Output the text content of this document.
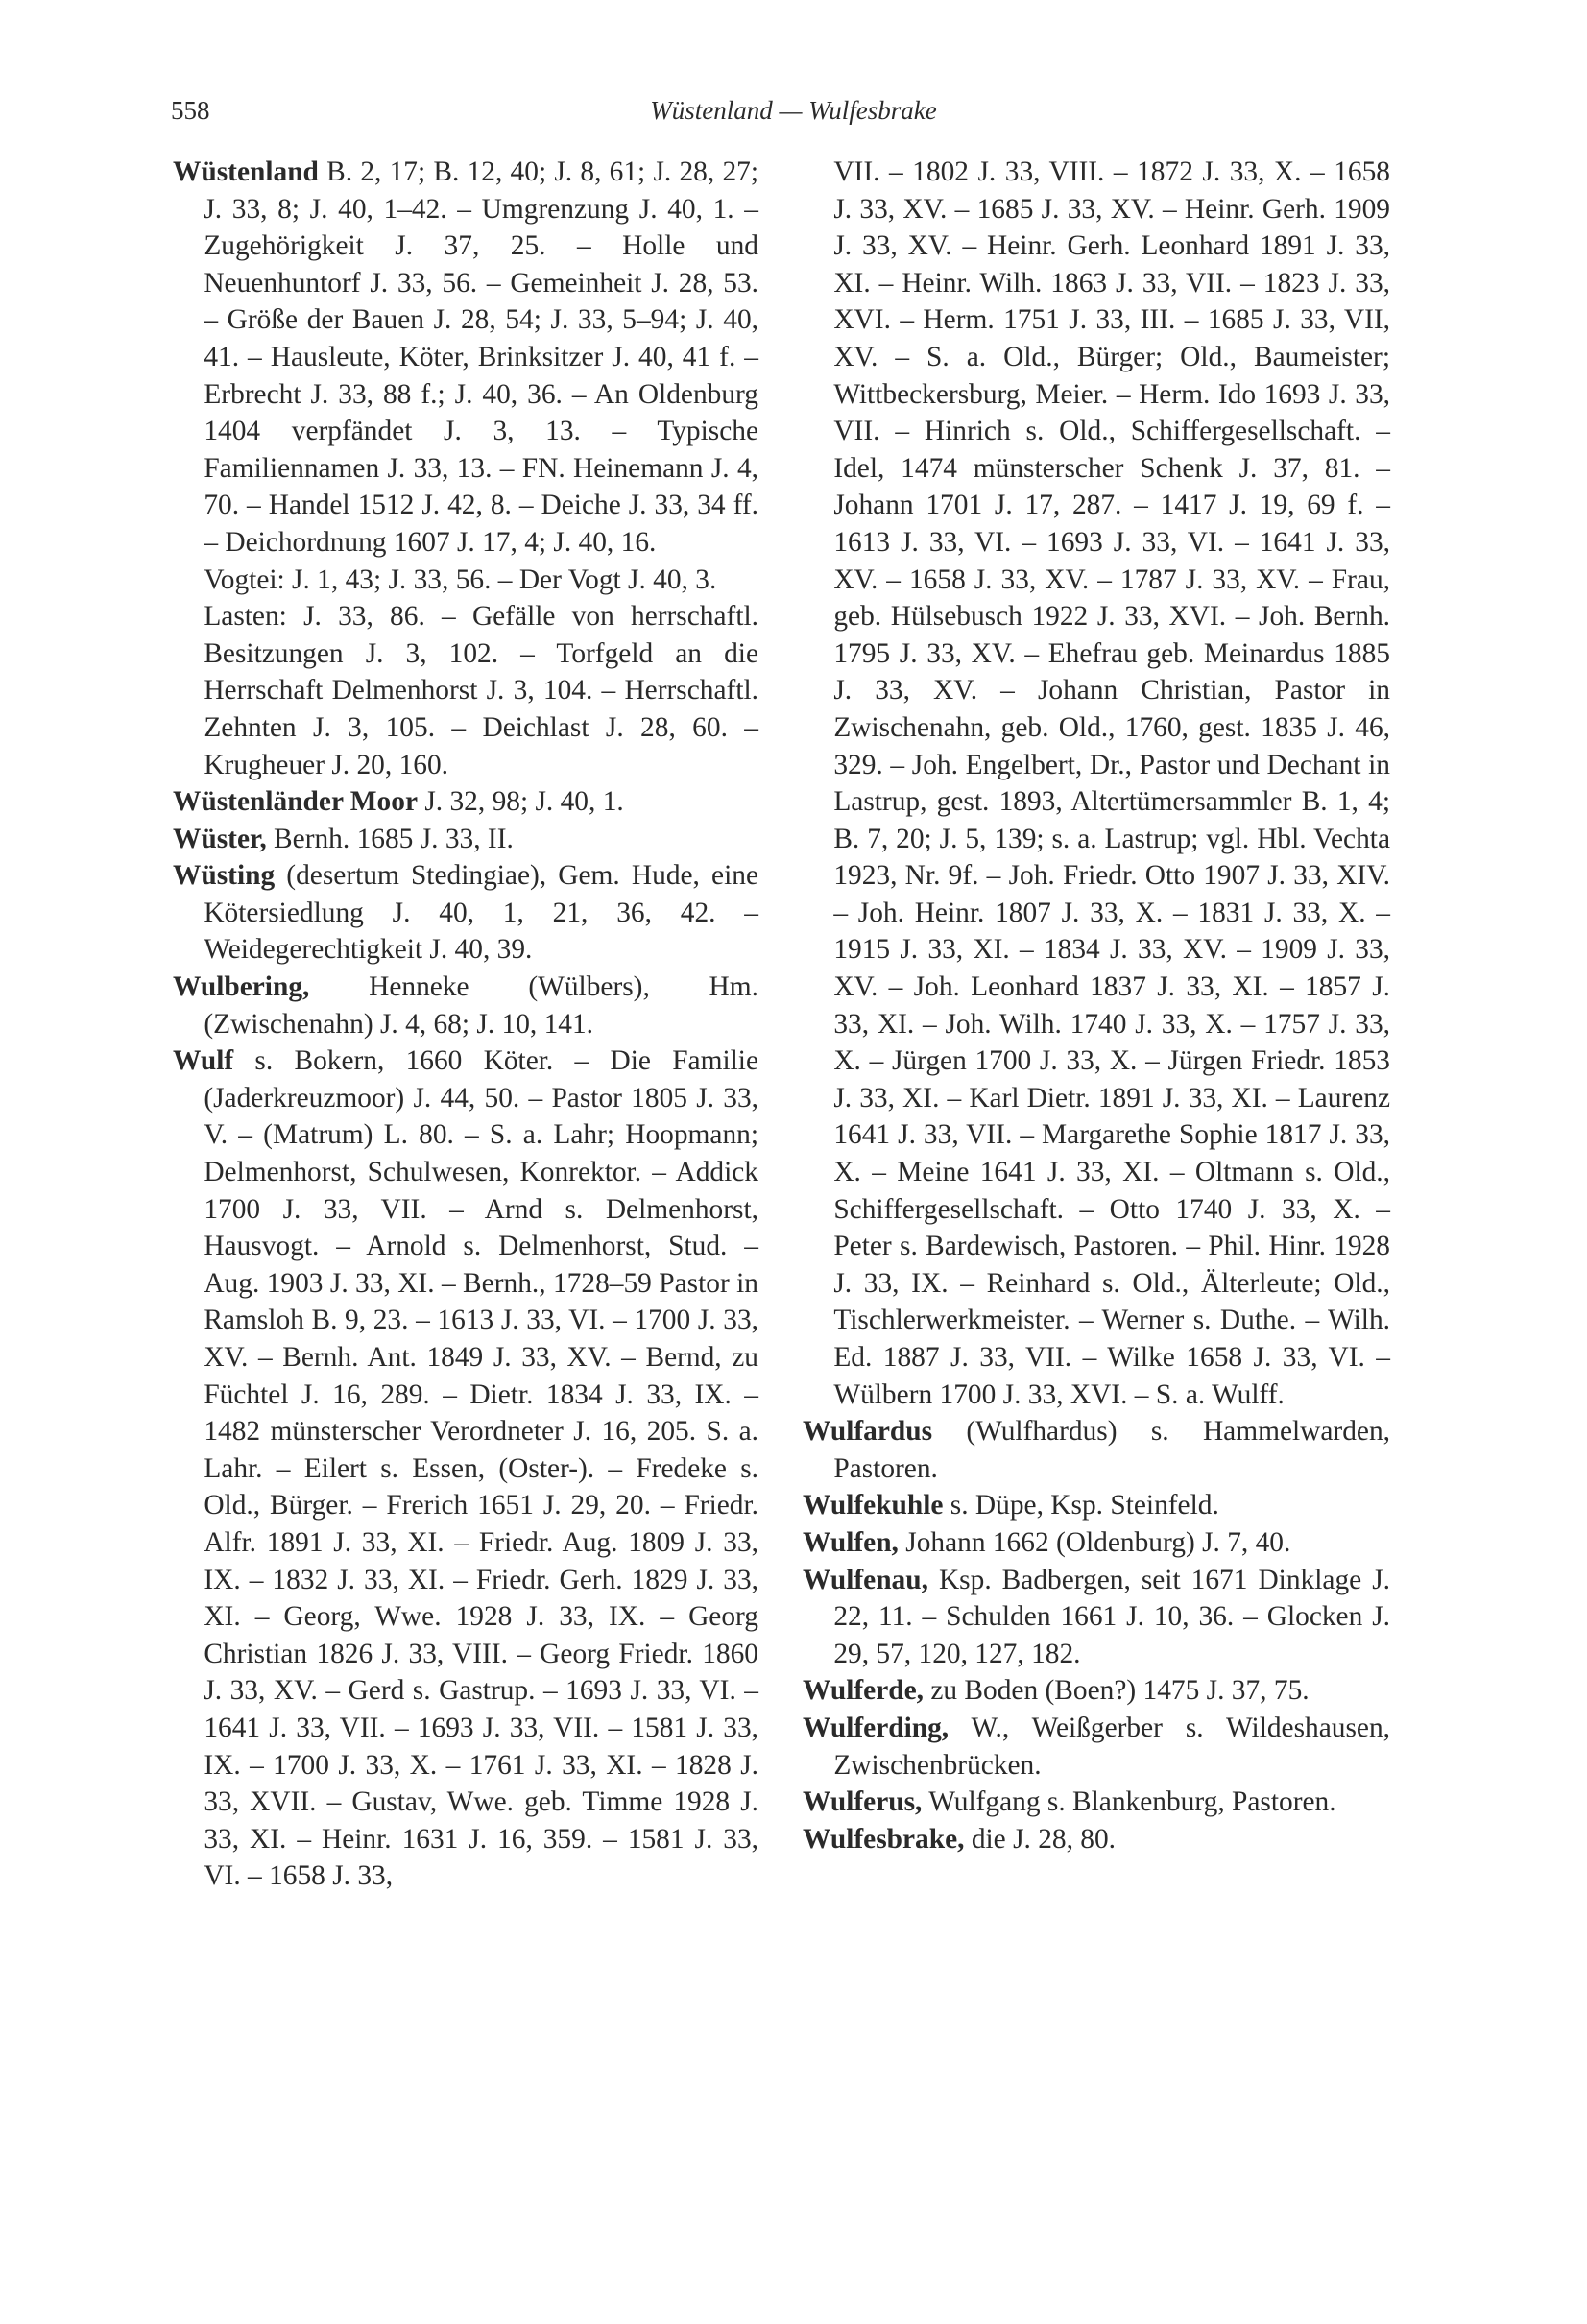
558	Wüstenland — Wulfesbrake
Wüstenland B. 2, 17; B. 12, 40; J. 8, 61; J. 28, 27; J. 33, 8; J. 40, 1–42. – Umgrenzung J. 40, 1. – Zugehörigkeit J. 37, 25. – Holle und Neuenhuntorf J. 33, 56. – Gemeinheit J. 28, 53. – Größe der Bauen J. 28, 54; J. 33, 5–94; J. 40, 41. – Hausleute, Köter, Brinksitzer J. 40, 41 f. – Erbrecht J. 33, 88 f.; J. 40, 36. – An Oldenburg 1404 verpfändet J. 3, 13. – Typische Familiennamen J. 33, 13. – FN. Heinemann J. 4, 70. – Handel 1512 J. 42, 8. – Deiche J. 33, 34 ff. – Deichordnung 1607 J. 17, 4; J. 40, 16.
Vogtei: J. 1, 43; J. 33, 56. – Der Vogt J. 40, 3.
Lasten: J. 33, 86. – Gefälle von herrschaftl. Besitzungen J. 3, 102. – Torfgeld an die Herrschaft Delmenhorst J. 3, 104. – Herrschaftl. Zehnten J. 3, 105. – Deichlast J. 28, 60. – Krugheuer J. 20, 160.
Wüstenländer Moor J. 32, 98; J. 40, 1.
Wüster, Bernh. 1685 J. 33, II.
Wüsting (desertum Stedingiae), Gem. Hude, eine Kötersiedlung J. 40, 1, 21, 36, 42. – Weidegerechtigkeit J. 40, 39.
Wulbering, Henneke (Wülbers), Hm. (Zwischenahn) J. 4, 68; J. 10, 141.
Wulf s. Bokern, 1660 Köter. – Die Familie (Jaderkreuzmoor) J. 44, 50. – Pastor 1805 J. 33, V. – (Matrum) L. 80. – S. a. Lahr; Hoopmann; Delmenhorst, Schulwesen, Konrektor. – Addick 1700 J. 33, VII. – Arnd s. Delmenhorst, Hausvogt. – Arnold s. Delmenhorst, Stud. – Aug. 1903 J. 33, XI. – Bernh., 1728–59 Pastor in Ramsloh B. 9, 23. – 1613 J. 33, VI. – 1700 J. 33, XV. – Bernh. Ant. 1849 J. 33, XV. – Bernd, zu Füchtel J. 16, 289. – Dietr. 1834 J. 33, IX. – 1482 münsterscher Verordneter J. 16, 205. S. a. Lahr. – Eilert s. Essen, (Oster-). – Fredeke s. Old., Bürger. – Frerich 1651 J. 29, 20. – Friedr. Alfr. 1891 J. 33, XI. – Friedr. Aug. 1809 J. 33, IX. – 1832 J. 33, XI. – Friedr. Gerh. 1829 J. 33, XI. – Georg, Wwe. 1928 J. 33, IX. – Georg Christian 1826 J. 33, VIII. – Georg Friedr. 1860 J. 33, XV. – Gerd s. Gastrup. – 1693 J. 33, VI. – 1641 J. 33, VII. – 1693 J. 33, VII. – 1581 J. 33, IX. – 1700 J. 33, X. – 1761 J. 33, XI. – 1828 J. 33, XVII. – Gustav, Wwe. geb. Timme 1928 J. 33, XI. – Heinr. 1631 J. 16, 359. – 1581 J. 33, VI. – 1658 J. 33,
VII. – 1802 J. 33, VIII. – 1872 J. 33, X. – 1658 J. 33, XV. – 1685 J. 33, XV. – Heinr. Gerh. 1909 J. 33, XV. – Heinr. Gerh. Leonhard 1891 J. 33, XI. – Heinr. Wilh. 1863 J. 33, VII. – 1823 J. 33, XVI. – Herm. 1751 J. 33, III. – 1685 J. 33, VII, XV. – S. a. Old., Bürger; Old., Baumeister; Wittbeckersburg, Meier. – Herm. Ido 1693 J. 33, VII. – Hinrich s. Old., Schiffergesellschaft. – Idel, 1474 münsterscher Schenk J. 37, 81. – Johann 1701 J. 17, 287. – 1417 J. 19, 69 f. – 1613 J. 33, VI. – 1693 J. 33, VI. – 1641 J. 33, XV. – 1658 J. 33, XV. – 1787 J. 33, XV. – Frau, geb. Hülsebusch 1922 J. 33, XVI. – Joh. Bernh. 1795 J. 33, XV. – Ehefrau geb. Meinardus 1885 J. 33, XV. – Johann Christian, Pastor in Zwischenahn, geb. Old., 1760, gest. 1835 J. 46, 329. – Joh. Engelbert, Dr., Pastor und Dechant in Lastrup, gest. 1893, Altertümersammler B. 1, 4; B. 7, 20; J. 5, 139; s. a. Lastrup; vgl. Hbl. Vechta 1923, Nr. 9f. – Joh. Friedr. Otto 1907 J. 33, XIV. – Joh. Heinr. 1807 J. 33, X. – 1831 J. 33, X. – 1915 J. 33, XI. – 1834 J. 33, XV. – 1909 J. 33, XV. – Joh. Leonhard 1837 J. 33, XI. – 1857 J. 33, XI. – Joh. Wilh. 1740 J. 33, X. – 1757 J. 33, X. – Jürgen 1700 J. 33, X. – Jürgen Friedr. 1853 J. 33, XI. – Karl Dietr. 1891 J. 33, XI. – Laurenz 1641 J. 33, VII. – Margarethe Sophie 1817 J. 33, X. – Meine 1641 J. 33, XI. – Oltmann s. Old., Schiffergesellschaft. – Otto 1740 J. 33, X. – Peter s. Bardewisch, Pastoren. – Phil. Hinr. 1928 J. 33, IX. – Reinhard s. Old., Älterleute; Old., Tischlerwerkmeister. – Werner s. Duthe. – Wilh. Ed. 1887 J. 33, VII. – Wilke 1658 J. 33, VI. – Wülbern 1700 J. 33, XVI. – S. a. Wulff.
Wulfardus (Wulfhardus) s. Hammelwarden, Pastoren.
Wulfekuhle s. Düpe, Ksp. Steinfeld.
Wulfen, Johann 1662 (Oldenburg) J. 7, 40.
Wulfenau, Ksp. Badbergen, seit 1671 Dinklage J. 22, 11. – Schulden 1661 J. 10, 36. – Glocken J. 29, 57, 120, 127, 182.
Wulferde, zu Boden (Boen?) 1475 J. 37, 75.
Wulferding, W., Weißgerber s. Wildeshausen, Zwischenbrücken.
Wulferus, Wulfgang s. Blankenburg, Pastoren.
Wulfesbrake, die J. 28, 80.
